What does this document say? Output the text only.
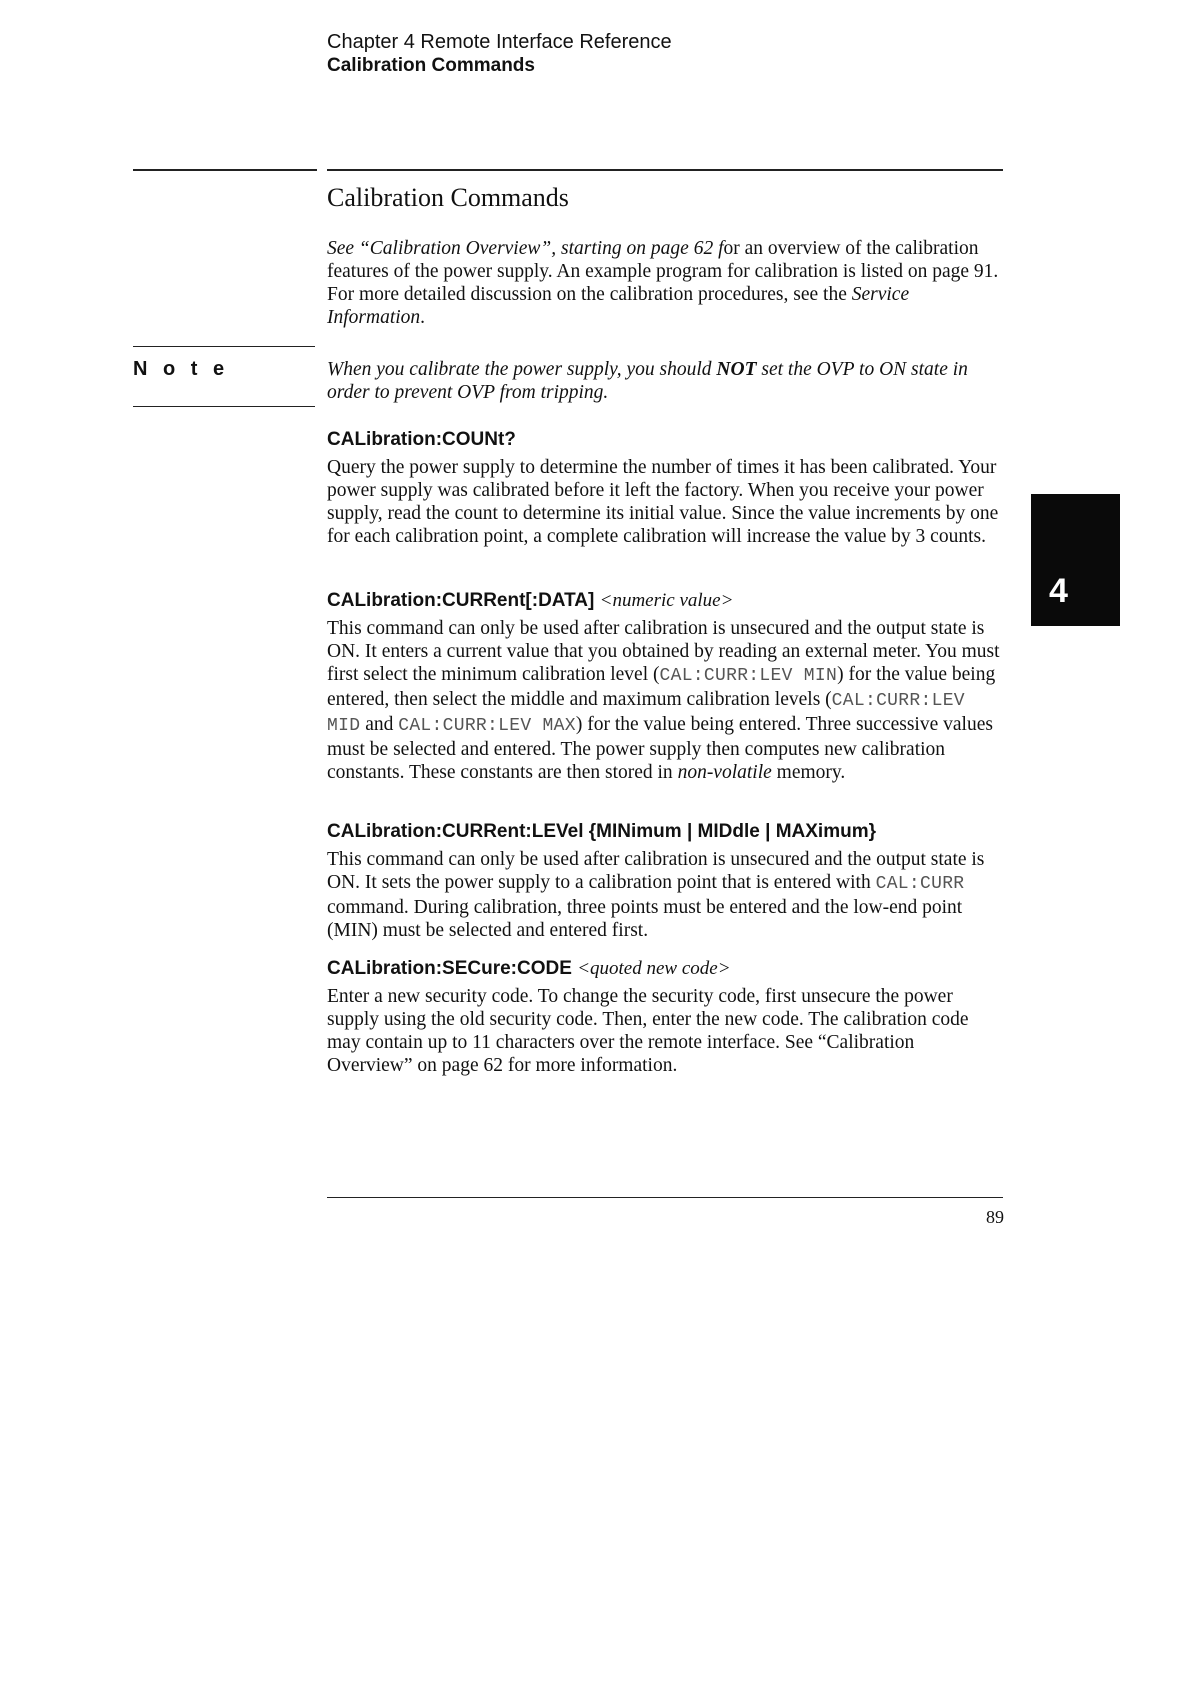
Chapter 4 Remote Interface Reference
Calibration Commands
Calibration Commands
See “Calibration Overview”, starting on page 62 for an overview of the calibration features of the power supply. An example program for calibration is listed on page 91. For more detailed discussion on the calibration procedures, see the Service Information.
N o t e	When you calibrate the power supply, you should NOT set the OVP to ON state in order to prevent OVP from tripping.
CALibration:COUNt?
Query the power supply to determine the number of times it has been calibrated. Your power supply was calibrated before it left the factory. When you receive your power supply, read the count to determine its initial value. Since the value increments by one for each calibration point, a complete calibration will increase the value by 3 counts.
CALibration:CURRent[:DATA] <numeric value>
This command can only be used after calibration is unsecured and the output state is ON. It enters a current value that you obtained by reading an external meter. You must first select the minimum calibration level (CAL:CURR:LEV MIN) for the value being entered, then select the middle and maximum calibration levels (CAL:CURR:LEV MID and CAL:CURR:LEV MAX) for the value being entered. Three successive values must be selected and entered. The power supply then computes new calibration constants. These constants are then stored in non-volatile memory.
CALibration:CURRent:LEVel {MINimum | MIDdle | MAXimum}
This command can only be used after calibration is unsecured and the output state is ON. It sets the power supply to a calibration point that is entered with CAL:CURR command. During calibration, three points must be entered and the low-end point (MIN) must be selected and entered first.
CALibration:SECure:CODE <quoted new code>
Enter a new security code. To change the security code, first unsecure the power supply using the old security code. Then, enter the new code. The calibration code may contain up to 11 characters over the remote interface. See “Calibration Overview” on page 62 for more information.
4
89
